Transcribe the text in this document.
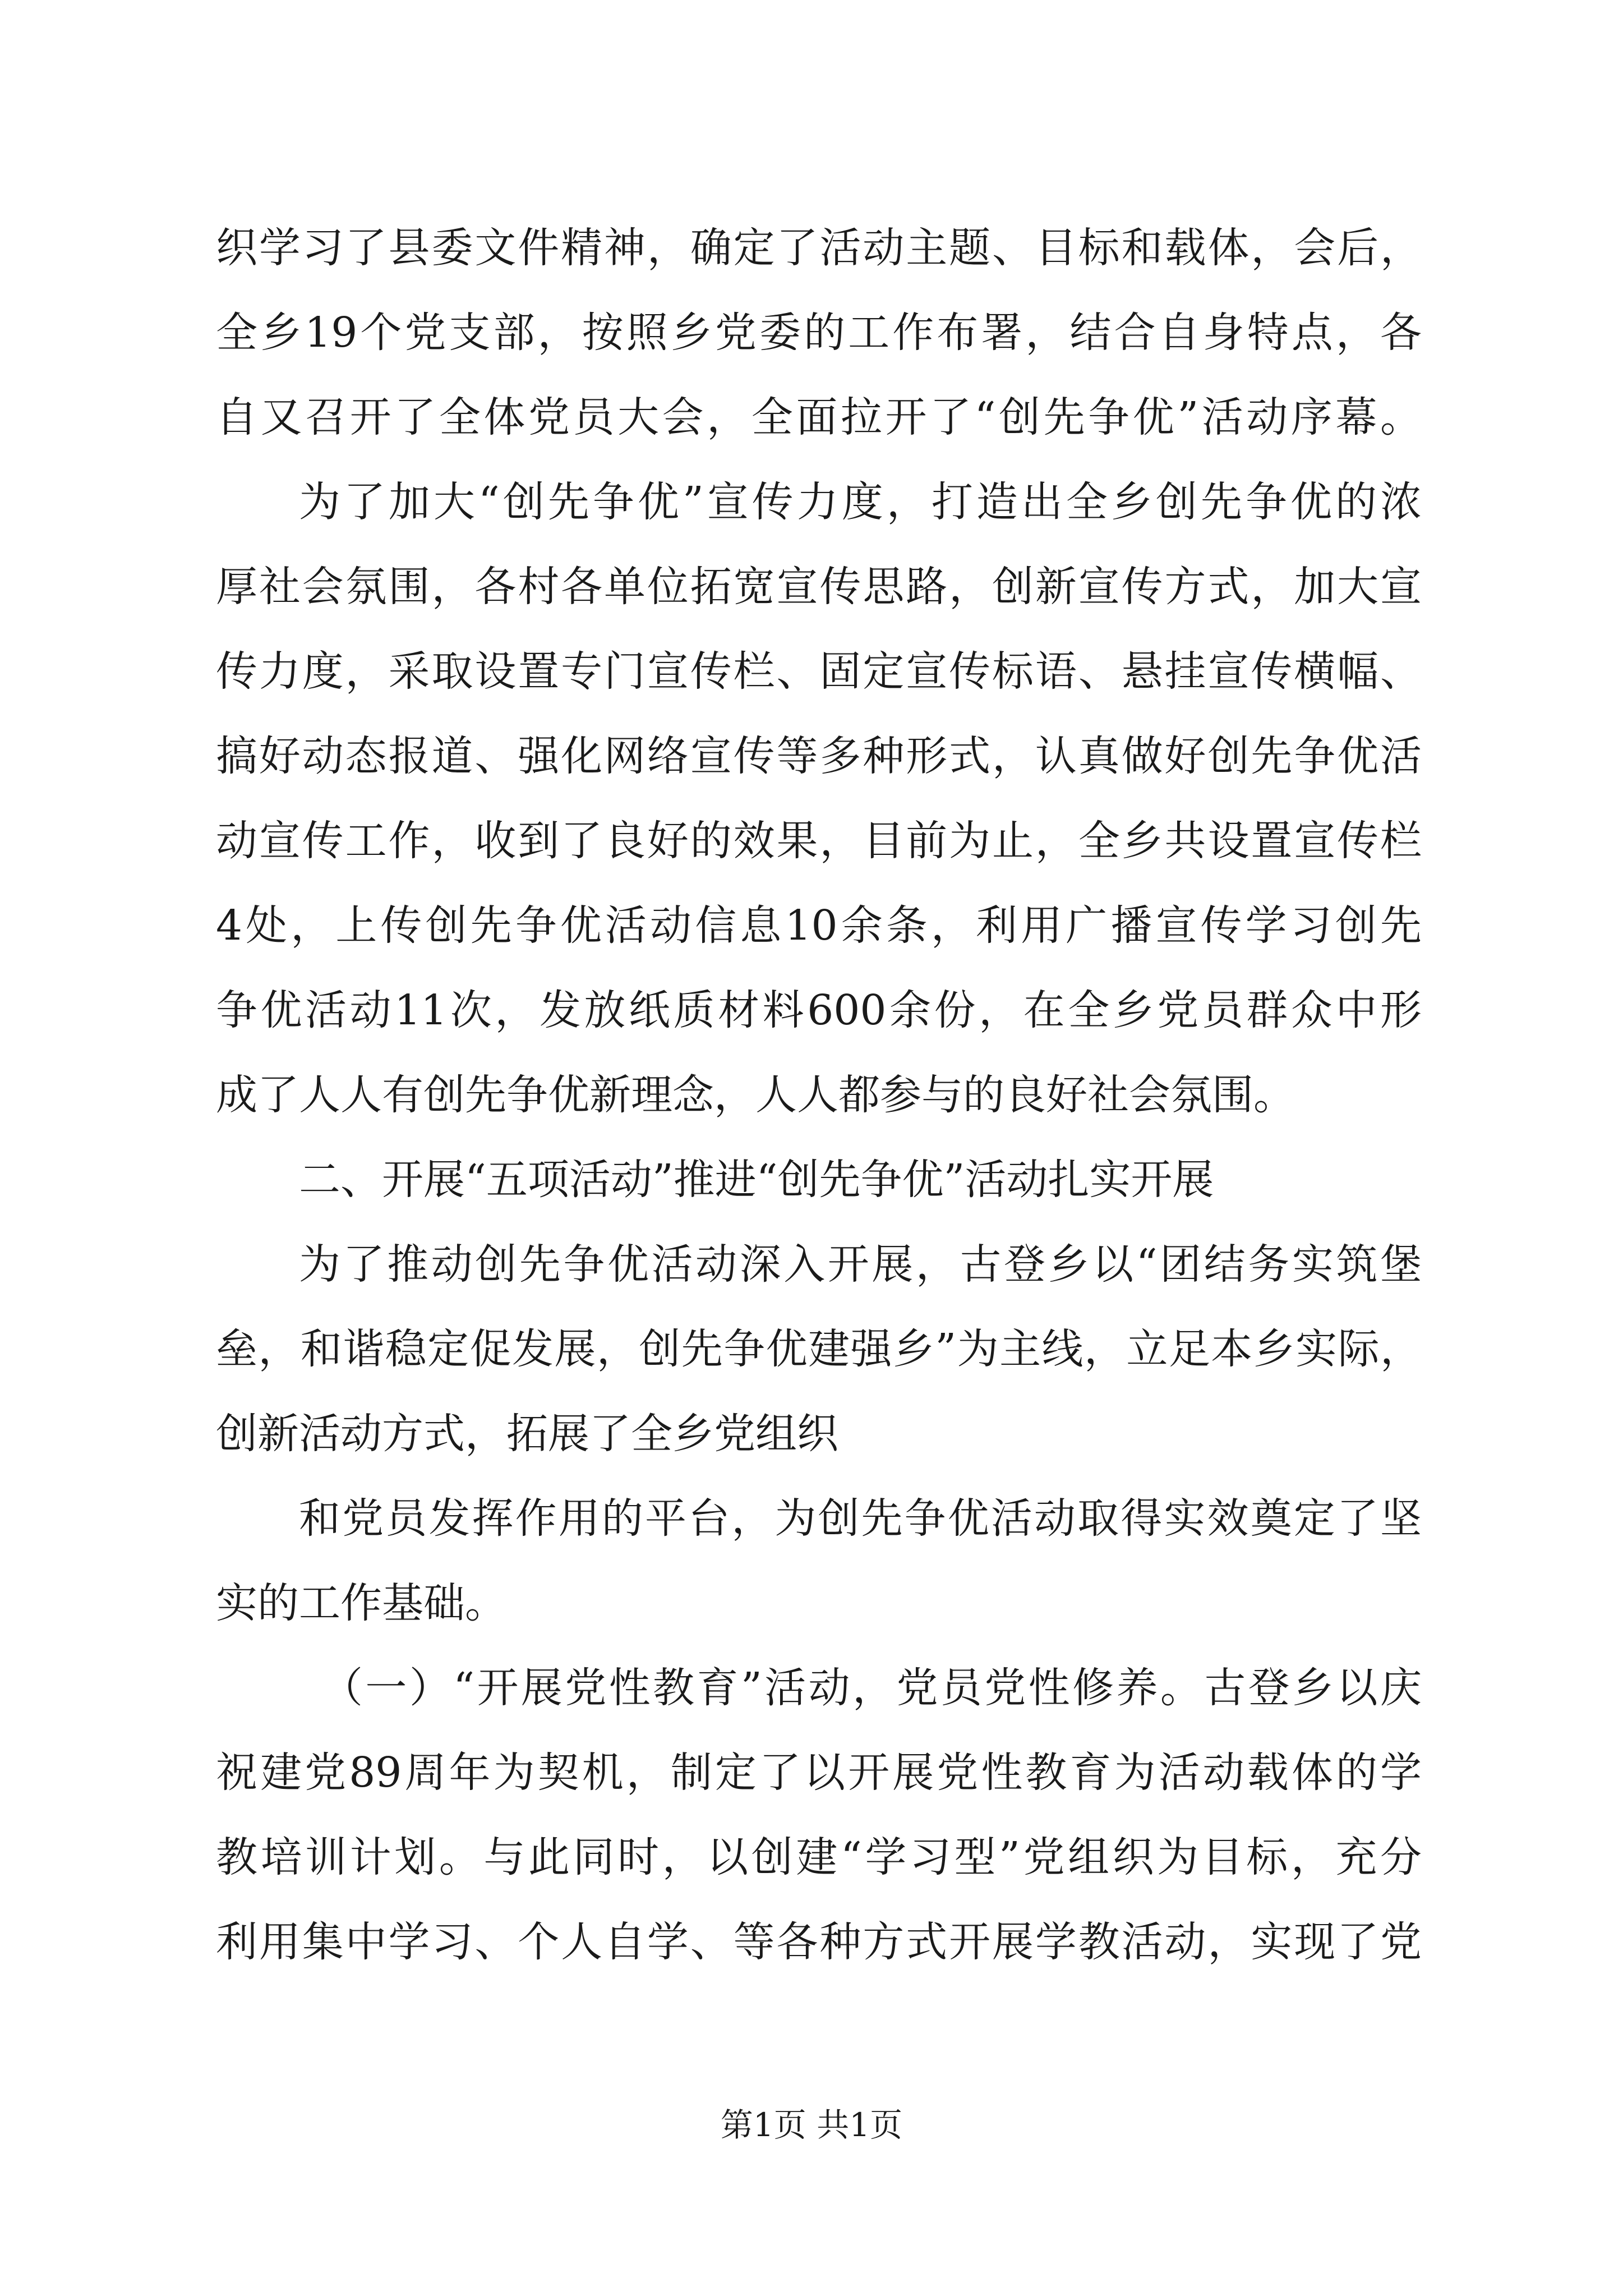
织学习了县委文件精神，确定了活动主题、目标和载体，会后，
全乡19个党支部，按照乡党委的工作布署，结合自身特点，各
自又召开了全体党员大会，全面拉开了“创先争优”活动序幕。
为了加大“创先争优”宣传力度，打造出全乡创先争优的浓
厚社会氛围，各村各单位拓宽宣传思路，创新宣传方式，加大宣
传力度，采取设置专门宣传栏、固定宣传标语、悬挂宣传横幅、
搞好动态报道、强化网络宣传等多种形式，认真做好创先争优活
动宣传工作，收到了良好的效果，目前为止，全乡共设置宣传栏
4处，上传创先争优活动信息10余条，利用广播宣传学习创先
争优活动11次，发放纸质材料600余份，在全乡党员群众中形
成了人人有创先争优新理念，人人都参与的良好社会氛围。
二、开展“五项活动”推进“创先争优”活动扎实开展
为了推动创先争优活动深入开展，古登乡以“团结务实筑堡
垒，和谐稳定促发展，创先争优建强乡”为主线，立足本乡实际，
创新活动方式，拓展了全乡党组织
和党员发挥作用的平台，为创先争优活动取得实效奠定了坚
实的工作基础。
（一）“开展党性教育”活动，党员党性修养。古登乡以庆
祝建党89周年为契机，制定了以开展党性教育为活动载体的学
教培训计划。与此同时，以创建“学习型”党组织为目标，充分
利用集中学习、个人自学、等各种方式开展学教活动，实现了党
第1页 共1页
